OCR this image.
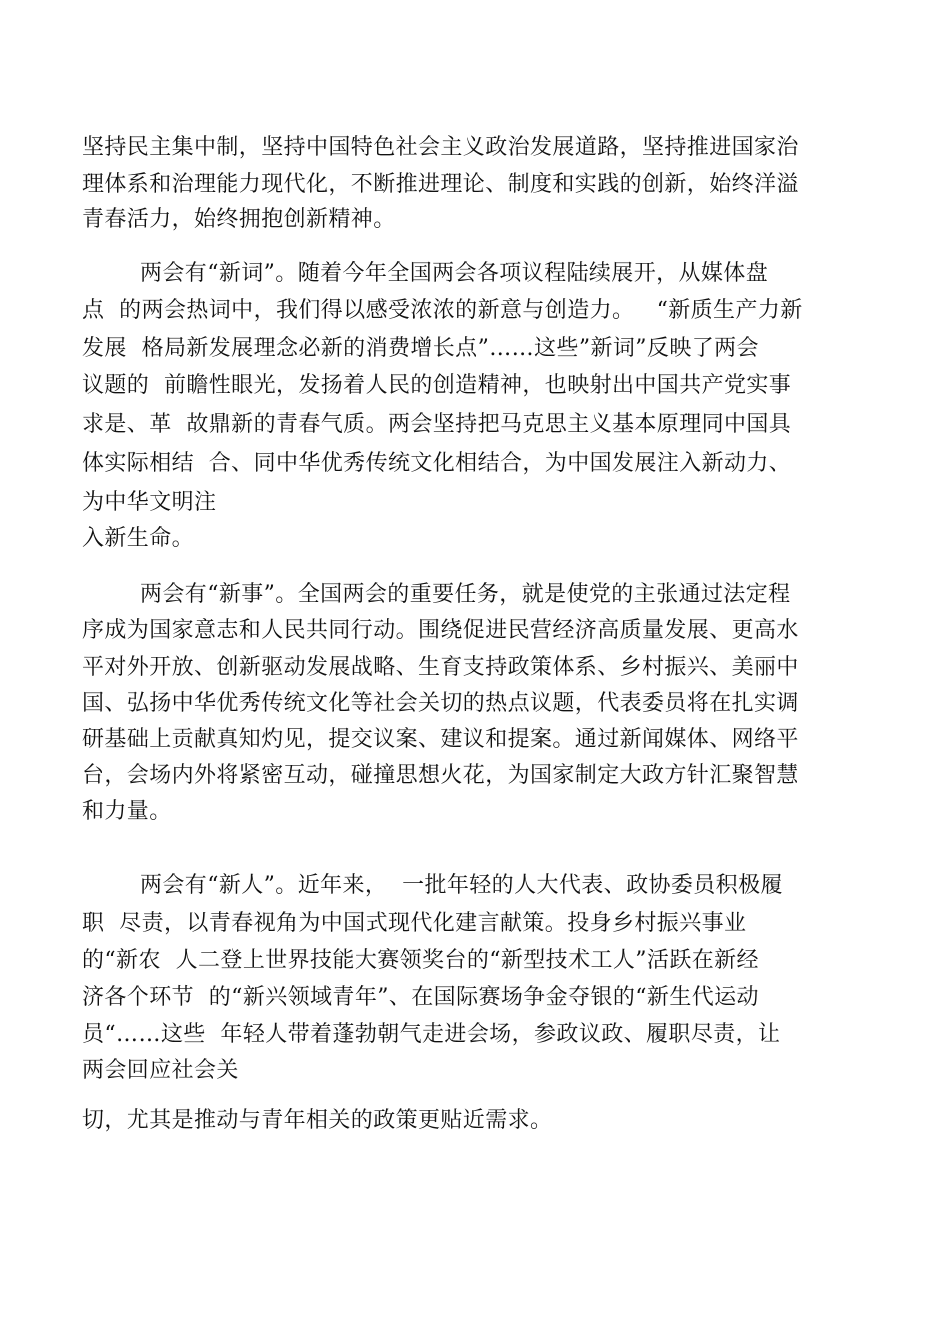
坚持民主集中制，坚持中国特色社会主义政治发展道路，坚持推进国家治

理体系和治理能力现代化，不断推进理论、制度和实践的创新，始终洋溢

青春活力，始终拥抱创新精神。

两会有“新词”。随着今年全国两会各项议程陆续展开，从媒体盘

点  的两会热词中，我们得以感受浓浓的新意与创造力。   “新质生产力新

发展  格局新发展理念必新的消费增长点”……这些”新词”反映了两会

议题的  前瞻性眼光，发扬着人民的创造精神，也映射出中国共产党实事

求是、革  故鼎新的青春气质。两会坚持把马克思主义基本原理同中国具

体实际相结  合、同中华优秀传统文化相结合，为中国发展注入新动力、

为中华文明注

入新生命。

两会有“新事”。全国两会的重要任务，就是使党的主张通过法定程

序成为国家意志和人民共同行动。围绕促进民营经济高质量发展、更高水

平对外开放、创新驱动发展战略、生育支持政策体系、乡村振兴、美丽中

国、弘扬中华优秀传统文化等社会关切的热点议题，代表委员将在扎实调

研基础上贡献真知灼见，提交议案、建议和提案。通过新闻媒体、网络平

台，会场内外将紧密互动，碰撞思想火花，为国家制定大政方针汇聚智慧

和力量。

两会有“新人”。近年来，  一批年轻的人大代表、政协委员积极履

职  尽责，以青春视角为中国式现代化建言献策。投身乡村振兴事业

的“新农  人二登上世界技能大赛领奖台的“新型技术工人”活跃在新经

济各个环节  的“新兴领域青年”、在国际赛场争金夺银的“新生代运动

员“……这些  年轻人带着蓬勃朝气走进会场，参政议政、履职尽责，让

两会回应社会关

切，尤其是推动与青年相关的政策更贴近需求。
